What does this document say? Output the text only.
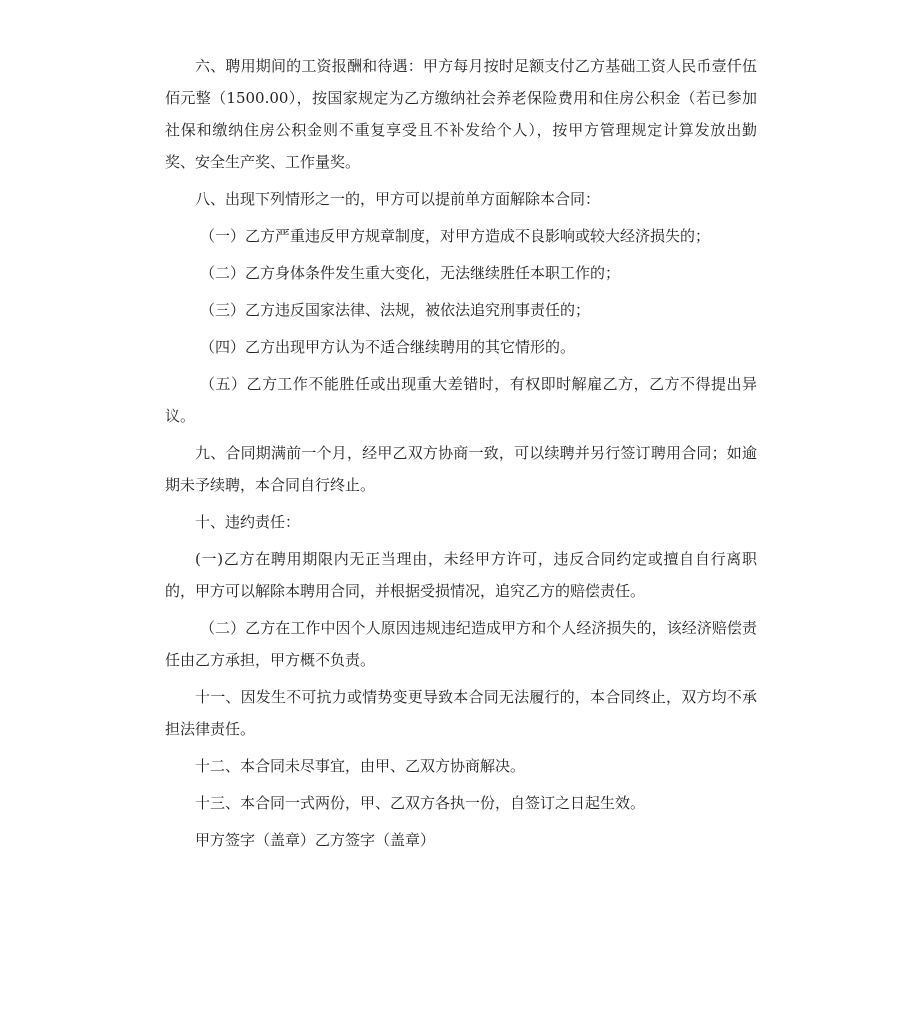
六、聘用期间的工资报酬和待遇：甲方每月按时足额支付乙方基础工资人民币壹仟伍佰元整（1500.00），按国家规定为乙方缴纳社会养老保险费用和住房公积金（若已参加社保和缴纳住房公积金则不重复享受且不补发给个人），按甲方管理规定计算发放出勤奖、安全生产奖、工作量奖。

八、出现下列情形之一的，甲方可以提前单方面解除本合同：

（一）乙方严重违反甲方规章制度，对甲方造成不良影响或较大经济损失的；

（二）乙方身体条件发生重大变化，无法继续胜任本职工作的；

（三）乙方违反国家法律、法规，被依法追究刑事责任的；

（四）乙方出现甲方认为不适合继续聘用的其它情形的。

（五）乙方工作不能胜任或出现重大差错时，有权即时解雇乙方，乙方不得提出异议。

九、合同期满前一个月，经甲乙双方协商一致，可以续聘并另行签订聘用合同；如逾期未予续聘，本合同自行终止。

十、违约责任：

(一)乙方在聘用期限内无正当理由，未经甲方许可，违反合同约定或擅自自行离职的，甲方可以解除本聘用合同，并根据受损情况，追究乙方的赔偿责任。

（二）乙方在工作中因个人原因违规违纪造成甲方和个人经济损失的，该经济赔偿责任由乙方承担，甲方概不负责。

十一、因发生不可抗力或情势变更导致本合同无法履行的，本合同终止，双方均不承担法律责任。

十二、本合同未尽事宜，由甲、乙双方协商解决。

十三、本合同一式两份，甲、乙双方各执一份，自签订之日起生效。

甲方签字（盖章）乙方签字（盖章）
